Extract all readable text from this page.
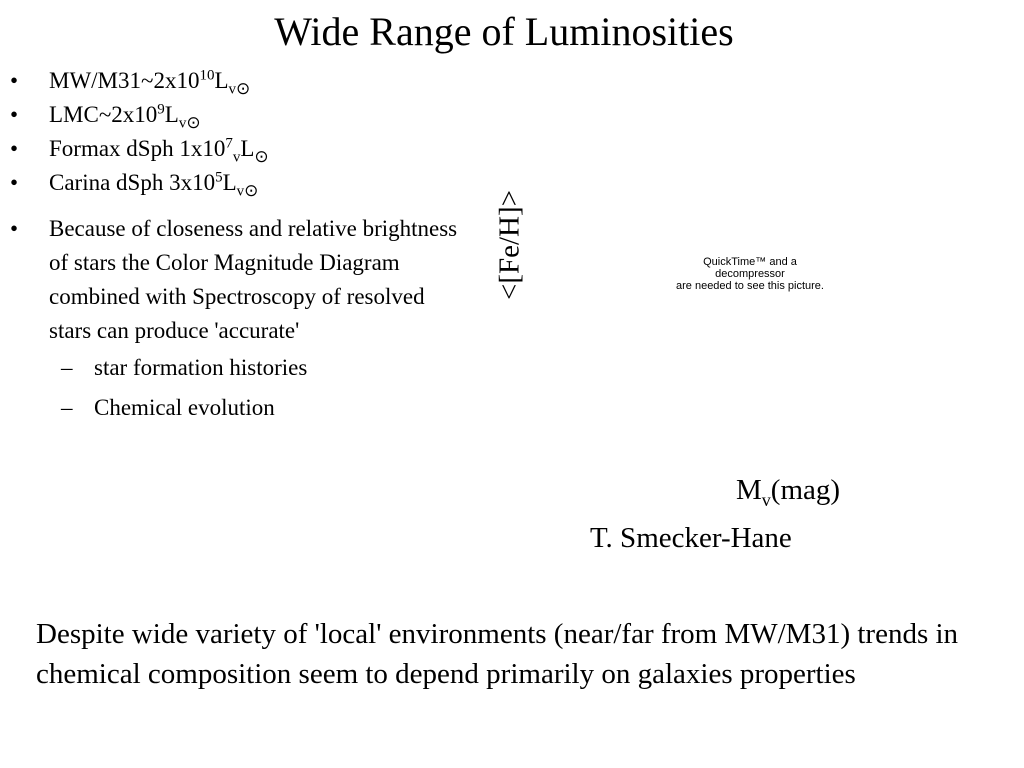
Wide Range of Luminosities
• $MW/M31\sim 2x10^{10}L_{v⊙}$
• $LMC\sim 2x10^9L_{v⊙}$
• Formax dSph $1x10^7_vL_⊙$
• Carina dSph $3x10^5L_{v⊙}$
• Because of closeness and relative brightness of stars the Color Magnitude Diagram combined with Spectroscopy of resolved stars can produce 'accurate'
– star formation histories
– Chemical evolution
<[Fe/H]>	QuickTime™ and a
decompressor
are needed to see this picture.
$M_v(mag)$
T. Smecker-Hane
Despite wide variety of 'local' environments (near/far from MW/M31) trends in chemical composition seem to depend primarily on galaxies properties
